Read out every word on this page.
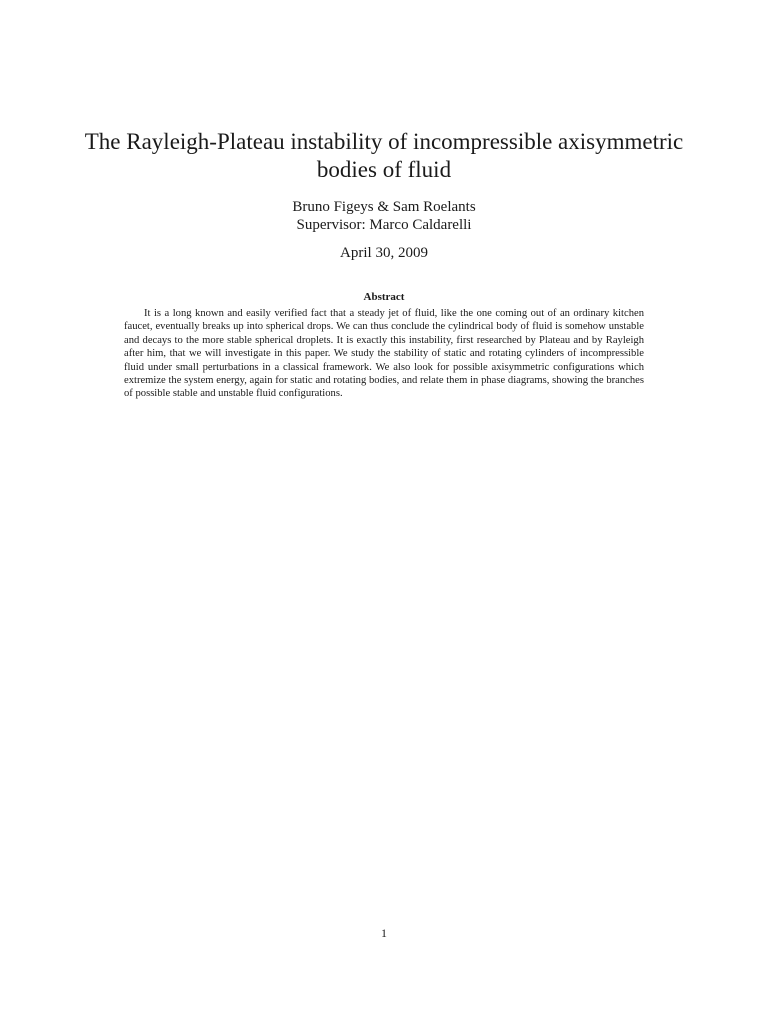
The Rayleigh-Plateau instability of incompressible axisymmetric bodies of fluid
Bruno Figeys & Sam Roelants
Supervisor: Marco Caldarelli
April 30, 2009
Abstract

It is a long known and easily verified fact that a steady jet of fluid, like the one coming out of an ordinary kitchen faucet, eventually breaks up into spherical drops. We can thus conclude the cylindrical body of fluid is somehow unstable and decays to the more stable spherical droplets. It is exactly this instability, first researched by Plateau and by Rayleigh after him, that we will investigate in this paper. We study the stability of static and rotating cylinders of incompressible fluid under small perturbations in a classical framework. We also look for possible axisymmetric configurations which extremize the system energy, again for static and rotating bodies, and relate them in phase diagrams, showing the branches of possible stable and unstable fluid configurations.

1
